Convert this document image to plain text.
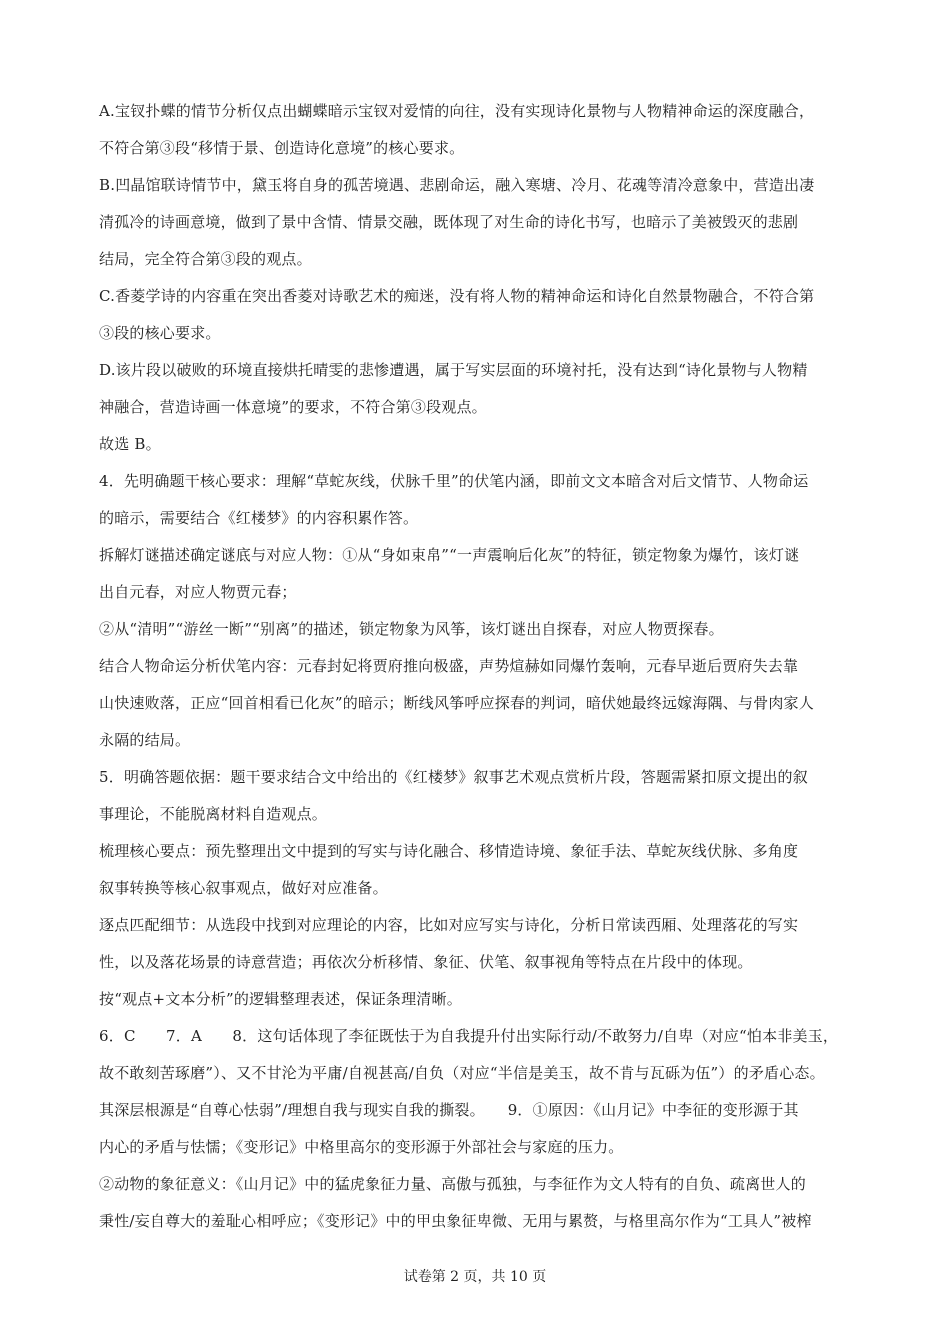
A.宝钗扑蝶的情节分析仅点出蝴蝶暗示宝钗对爱情的向往，没有实现诗化景物与人物精神命运的深度融合，
不符合第③段“移情于景、创造诗化意境”的核心要求。

B.凹晶馆联诗情节中，黛玉将自身的孤苦境遇、悲剧命运，融入寒塘、冷月、花魂等清冷意象中，营造出凄
清孤冷的诗画意境，做到了景中含情、情景交融，既体现了对生命的诗化书写，也暗示了美被毁灭的悲剧
结局，完全符合第③段的观点。

C.香菱学诗的内容重在突出香菱对诗歌艺术的痴迷，没有将人物的精神命运和诗化自然景物融合，不符合第
③段的核心要求。

D.该片段以破败的环境直接烘托晴雯的悲惨遭遇，属于写实层面的环境衬托，没有达到“诗化景物与人物精
神融合，营造诗画一体意境”的要求，不符合第③段观点。

故选 B。

4．先明确题干核心要求：理解“草蛇灰线，伏脉千里”的伏笔内涵，即前文文本暗含对后文情节、人物命运
的暗示，需要结合《红楼梦》的内容积累作答。

拆解灯谜描述确定谜底与对应人物：①从“身如束帛”“一声震响后化灰”的特征，锁定物象为爆竹，该灯谜
出自元春，对应人物贾元春；

②从“清明”“游丝一断”“别离”的描述，锁定物象为风筝，该灯谜出自探春，对应人物贾探春。

结合人物命运分析伏笔内容：元春封妃将贾府推向极盛，声势煊赫如同爆竹轰响，元春早逝后贾府失去靠
山快速败落，正应“回首相看已化灰”的暗示；断线风筝呼应探春的判词，暗伏她最终远嫁海隅、与骨肉家人
永隔的结局。

5．明确答题依据：题干要求结合文中给出的《红楼梦》叙事艺术观点赏析片段，答题需紧扣原文提出的叙
事理论，不能脱离材料自造观点。

梳理核心要点：预先整理出文中提到的写实与诗化融合、移情造诗境、象征手法、草蛇灰线伏脉、多角度
叙事转换等核心叙事观点，做好对应准备。

逐点匹配细节：从选段中找到对应理论的内容，比如对应写实与诗化，分析日常读西厢、处理落花的写实
性，以及落花场景的诗意营造；再依次分析移情、象征、伏笔、叙事视角等特点在片段中的体现。

按“观点+文本分析”的逻辑整理表述，保证条理清晰。

6．C　　7．A　　8．这句话体现了李征既怯于为自我提升付出实际行动/不敢努力/自卑（对应“怕本非美玉，
故不敢刻苦琢磨”）、又不甘沦为平庸/自视甚高/自负（对应“半信是美玉，故不肯与瓦砾为伍”）的矛盾心态。
其深层根源是“自尊心怯弱”/理想自我与现实自我的撕裂。　　9．①原因：《山月记》中李征的变形源于其
内心的矛盾与怯懦；《变形记》中格里高尔的变形源于外部社会与家庭的压力。

②动物的象征意义：《山月记》中的猛虎象征力量、高傲与孤独，与李征作为文人特有的自负、疏离世人的
秉性/妄自尊大的羞耻心相呼应；《变形记》中的甲虫象征卑微、无用与累赘，与格里高尔作为“工具人”被榨

试卷第 2 页，共 10 页
